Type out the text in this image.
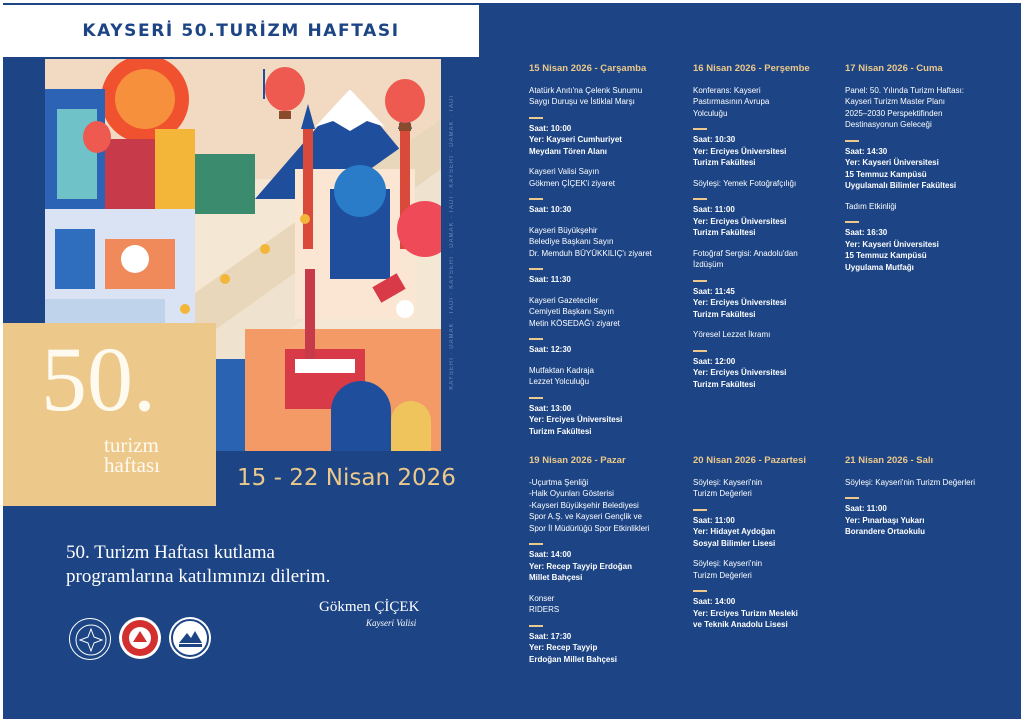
KAYSERİ 50.TURİZM HAFTASI
KAYSERİ · DAMAK · TADI · KAYSERİ · DAMAK · TADI · KAYSERİ · DAMAK · TADI
50.
turizm
haftası	15 - 22 Nisan 2026
50. Turizm Haftası kutlama
programlarına katılımınızı dilerim.
Gökmen ÇİÇEK
Kayseri Valisi
15 Nisan 2026 - Çarşamba
Atatürk Anıtı'na Çelenk Sunumu
Saygı Duruşu ve İstiklal Marşı
Saat: 10:00
Yer: Kayseri Cumhuriyet
Meydanı Tören Alanı
Kayseri Valisi Sayın
Gökmen ÇİÇEK'i ziyaret
Saat: 10:30
Kayseri Büyükşehir
Belediye Başkanı Sayın
Dr. Memduh BÜYÜKKILIÇ'ı ziyaret
Saat: 11:30
Kayseri Gazeteciler
Cemiyeti Başkanı Sayın
Metin KÖSEDAĞ'ı ziyaret
Saat: 12:30
Mutfaktan Kadraja
Lezzet Yolculuğu
Saat: 13:00
Yer: Erciyes Üniversitesi
Turizm Fakültesi
16 Nisan 2026 - Perşembe
Konferans: Kayseri
Pastırmasının Avrupa
Yolculuğu
Saat: 10:30
Yer: Erciyes Üniversitesi
Turizm Fakültesi
Söyleşi: Yemek Fotoğrafçılığı
Saat: 11:00
Yer: Erciyes Üniversitesi
Turizm Fakültesi
Fotoğraf Sergisi: Anadolu'dan
İzdüşüm
Saat: 11:45
Yer: Erciyes Üniversitesi
Turizm Fakültesi
Yöresel Lezzet İkramı
Saat: 12:00
Yer: Erciyes Üniversitesi
Turizm Fakültesi
17 Nisan 2026 - Cuma
Panel: 50. Yılında Turizm Haftası:
Kayseri Turizm Master Planı
2025–2030 Perspektifinden
Destinasyonun Geleceği
Saat: 14:30
Yer: Kayseri Üniversitesi
15 Temmuz Kampüsü
Uygulamalı Bilimler Fakültesi
Tadım Etkinliği
Saat: 16:30
Yer: Kayseri Üniversitesi
15 Temmuz Kampüsü
Uygulama Mutfağı
19 Nisan 2026 - Pazar
-Uçurtma Şenliği
-Halk Oyunları Gösterisi
-Kayseri Büyükşehir Belediyesi
Spor A.Ş. ve Kayseri Gençlik ve
Spor İl Müdürlüğü Spor Etkinlikleri
Saat: 14:00
Yer: Recep Tayyip Erdoğan
Millet Bahçesi
Konser
RIDERS
Saat: 17:30
Yer: Recep Tayyip
Erdoğan Millet Bahçesi
20 Nisan 2026 - Pazartesi
Söyleşi: Kayseri'nin
Turizm Değerleri
Saat: 11:00
Yer: Hidayet Aydoğan
Sosyal Bilimler Lisesi
Söyleşi: Kayseri'nin
Turizm Değerleri
Saat: 14:00
Yer: Erciyes Turizm Mesleki
ve Teknik Anadolu Lisesi
21 Nisan 2026 - Salı
Söyleşi: Kayseri'nin Turizm Değerleri
Saat: 11:00
Yer: Pınarbaşı Yukarı
Borandere Ortaokulu
